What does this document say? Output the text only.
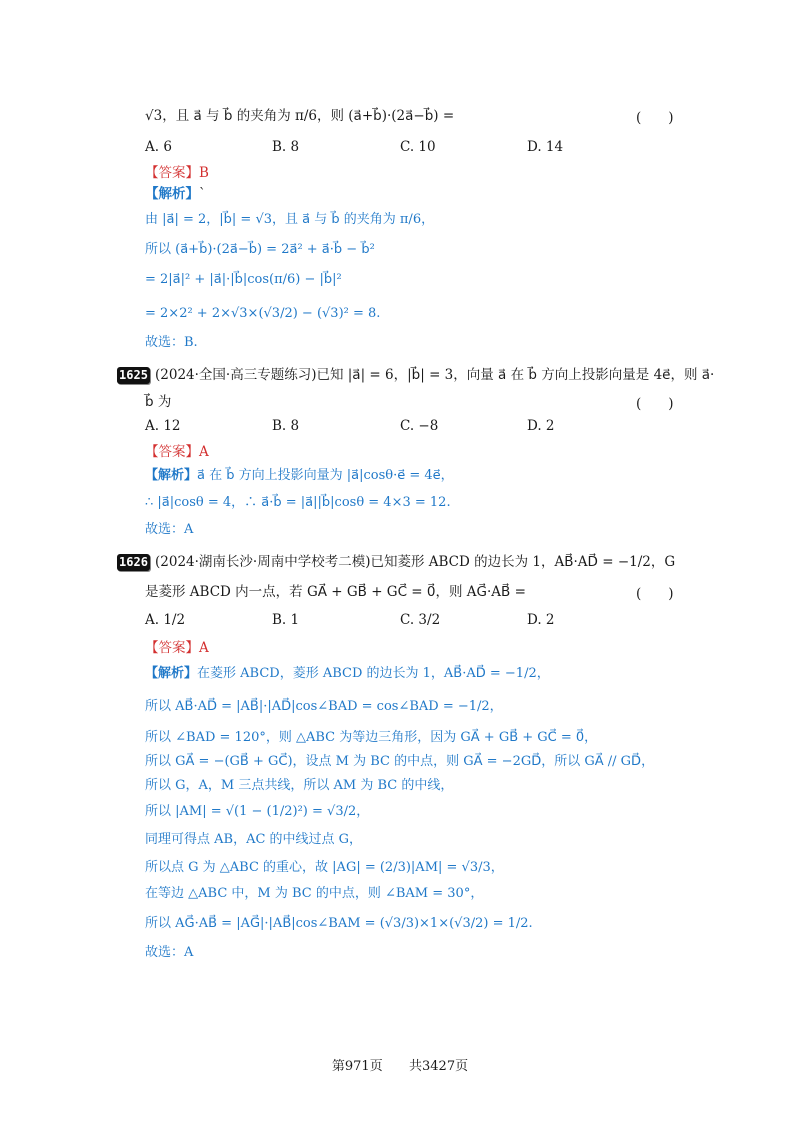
√3，且 a⃗ 与 b⃗ 的夹角为 π/6，则 (a⃗+b⃗)·(2a⃗−b⃗) =	(　　)
A. 6	B. 8	C. 10	D. 14
【答案】B
【解析】`
由 |a⃗| = 2，|b⃗| = √3，且 a⃗ 与 b⃗ 的夹角为 π/6，
所以 (a⃗+b⃗)·(2a⃗−b⃗) = 2a⃗² + a⃗·b⃗ − b⃗²
= 2|a⃗|² + |a⃗|·|b⃗|cos(π/6) − |b⃗|²
= 2×2² + 2×√3×(√3/2) − (√3)² = 8.
故选：B.
1625 (2024·全国·高三专题练习)已知 |a⃗| = 6，|b⃗| = 3，向量 a⃗ 在 b⃗ 方向上投影向量是 4e⃗，则 a⃗·
b⃗ 为	(　　)
A. 12	B. 8	C. −8	D. 2
【答案】A
【解析】a⃗ 在 b⃗ 方向上投影向量为 |a⃗|cosθ·e⃗ = 4e⃗，
∴ |a⃗|cosθ = 4，∴ a⃗·b⃗ = |a⃗||b⃗|cosθ = 4×3 = 12.
故选：A
1626 (2024·湖南长沙·周南中学校考二模)已知菱形 ABCD 的边长为 1，AB⃗·AD⃗ = −1/2，G
是菱形 ABCD 内一点，若 GA⃗ + GB⃗ + GC⃗ = 0⃗，则 AG⃗·AB⃗ =	(　　)
A. 1/2	B. 1	C. 3/2	D. 2
【答案】A
【解析】在菱形 ABCD，菱形 ABCD 的边长为 1，AB⃗·AD⃗ = −1/2，
所以 AB⃗·AD⃗ = |AB⃗|·|AD⃗|cos∠BAD = cos∠BAD = −1/2，
所以 ∠BAD = 120°，则 △ABC 为等边三角形，因为 GA⃗ + GB⃗ + GC⃗ = 0⃗，
所以 GA⃗ = −(GB⃗ + GC⃗)，设点 M 为 BC 的中点，则 GA⃗ = −2GD⃗，所以 GA⃗ // GD⃗，
所以 G，A，M 三点共线，所以 AM 为 BC 的中线，
所以 |AM| = √(1 − (1/2)²) = √3/2，
同理可得点 AB，AC 的中线过点 G，
所以点 G 为 △ABC 的重心，故 |AG| = (2/3)|AM| = √3/3，
在等边 △ABC 中，M 为 BC 的中点，则 ∠BAM = 30°，
所以 AG⃗·AB⃗ = |AG⃗|·|AB⃗|cos∠BAM = (√3/3)×1×(√3/2) = 1/2.
故选：A
第971页 共3427页
